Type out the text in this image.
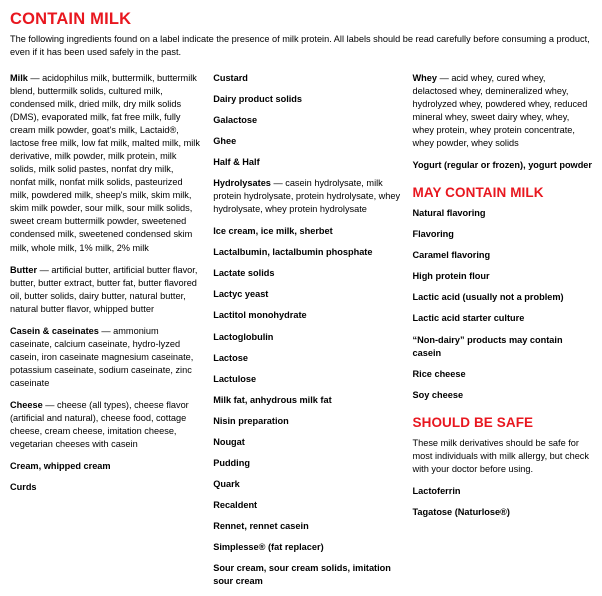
CONTAIN MILK
The following ingredients found on a label indicate the presence of milk protein. All labels should be read carefully before consuming a product, even if it has been used safely in the past.
Milk — acidophilus milk, buttermilk, buttermilk blend, buttermilk solids, cultured milk, condensed milk, dried milk, dry milk solids (DMS), evaporated milk, fat free milk, fully cream milk powder, goat's milk, Lactaid®, lactose free milk, low fat milk, malted milk, milk derivative, milk powder, milk protein, milk solids, milk solid pastes, nonfat dry milk, nonfat milk, nonfat milk solids, pasteurized milk, powdered milk, sheep's milk, skim milk, skim milk powder, sour milk, sour milk solids, sweet cream buttermilk powder, sweetened condensed milk, sweetened condensed skim milk, whole milk, 1% milk, 2% milk
Butter — artificial butter, artificial butter flavor, butter, butter extract, butter fat, butter flavored oil, butter solids, dairy butter, natural butter, natural butter flavor, whipped butter
Casein & caseinates — ammonium caseinate, calcium caseinate, hydro-lyzed casein, iron caseinate magnesium caseinate, potassium caseinate, sodium caseinate, zinc caseinate
Cheese — cheese (all types), cheese flavor (artificial and natural), cheese food, cottage cheese, cream cheese, imitation cheese, vegetarian cheeses with casein
Cream, whipped cream
Curds
Custard
Dairy product solids
Galactose
Ghee
Half & Half
Hydrolysates — casein hydrolysate, milk protein hydrolysate, protein hydrolysate, whey hydrolysate, whey protein hydrolysate
Ice cream, ice milk, sherbet
Lactalbumin, lactalbumin phosphate
Lactate solids
Lactyc yeast
Lactitol monohydrate
Lactoglobulin
Lactose
Lactulose
Milk fat, anhydrous milk fat
Nisin preparation
Nougat
Pudding
Quark
Recaldent
Rennet, rennet casein
Simplesse® (fat replacer)
Sour cream, sour cream solids, imitation sour cream
Whey — acid whey, cured whey, delactosed whey, demineralized whey, hydrolyzed whey, powdered whey, reduced mineral whey, sweet dairy whey, whey, whey protein, whey protein concentrate, whey powder, whey solids
Yogurt (regular or frozen), yogurt powder
MAY CONTAIN MILK
Natural flavoring
Flavoring
Caramel flavoring
High protein flour
Lactic acid (usually not a problem)
Lactic acid starter culture
“Non-dairy” products may contain casein
Rice cheese
Soy cheese
SHOULD BE SAFE
These milk derivatives should be safe for most individuals with milk allergy, but check with your doctor before using.
Lactoferrin
Tagatose (Naturlose®)
